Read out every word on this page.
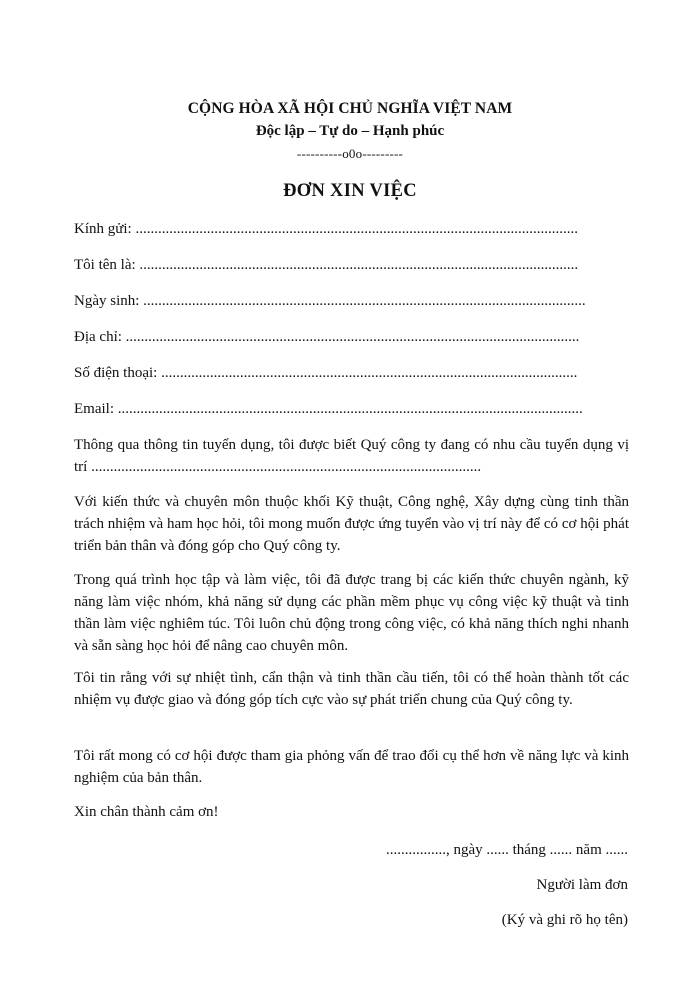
CỘNG HÒA XÃ HỘI CHỦ NGHĨA VIỆT NAM
Độc lập – Tự do – Hạnh phúc
----------o0o---------
ĐƠN XIN VIỆC
Kính gửi: ......................................................................................................................
Tôi tên là: .....................................................................................................................
Ngày sinh: ......................................................................................................................
Địa chỉ: .........................................................................................................................
Số điện thoại: ...............................................................................................................
Email: ............................................................................................................................

Thông qua thông tin tuyển dụng, tôi được biết Quý công ty đang có nhu cầu tuyển dụng vị trí ........................................................................................................

Với kiến thức và chuyên môn thuộc khối Kỹ thuật, Công nghệ, Xây dựng cùng tinh thần trách nhiệm và ham học hỏi, tôi mong muốn được ứng tuyển vào vị trí này để có cơ hội phát triển bản thân và đóng góp cho Quý công ty.

Trong quá trình học tập và làm việc, tôi đã được trang bị các kiến thức chuyên ngành, kỹ năng làm việc nhóm, khả năng sử dụng các phần mềm phục vụ công việc kỹ thuật và tinh thần làm việc nghiêm túc. Tôi luôn chủ động trong công việc, có khả năng thích nghi nhanh và sẵn sàng học hỏi để nâng cao chuyên môn.

Tôi tin rằng với sự nhiệt tình, cẩn thận và tinh thần cầu tiến, tôi có thể hoàn thành tốt các nhiệm vụ được giao và đóng góp tích cực vào sự phát triển chung của Quý công ty.

Tôi rất mong có cơ hội được tham gia phỏng vấn để trao đổi cụ thể hơn về năng lực và kinh nghiệm của bản thân.

Xin chân thành cảm ơn!
................, ngày ...... tháng ...... năm ......
Người làm đơn
(Ký và ghi rõ họ tên)
